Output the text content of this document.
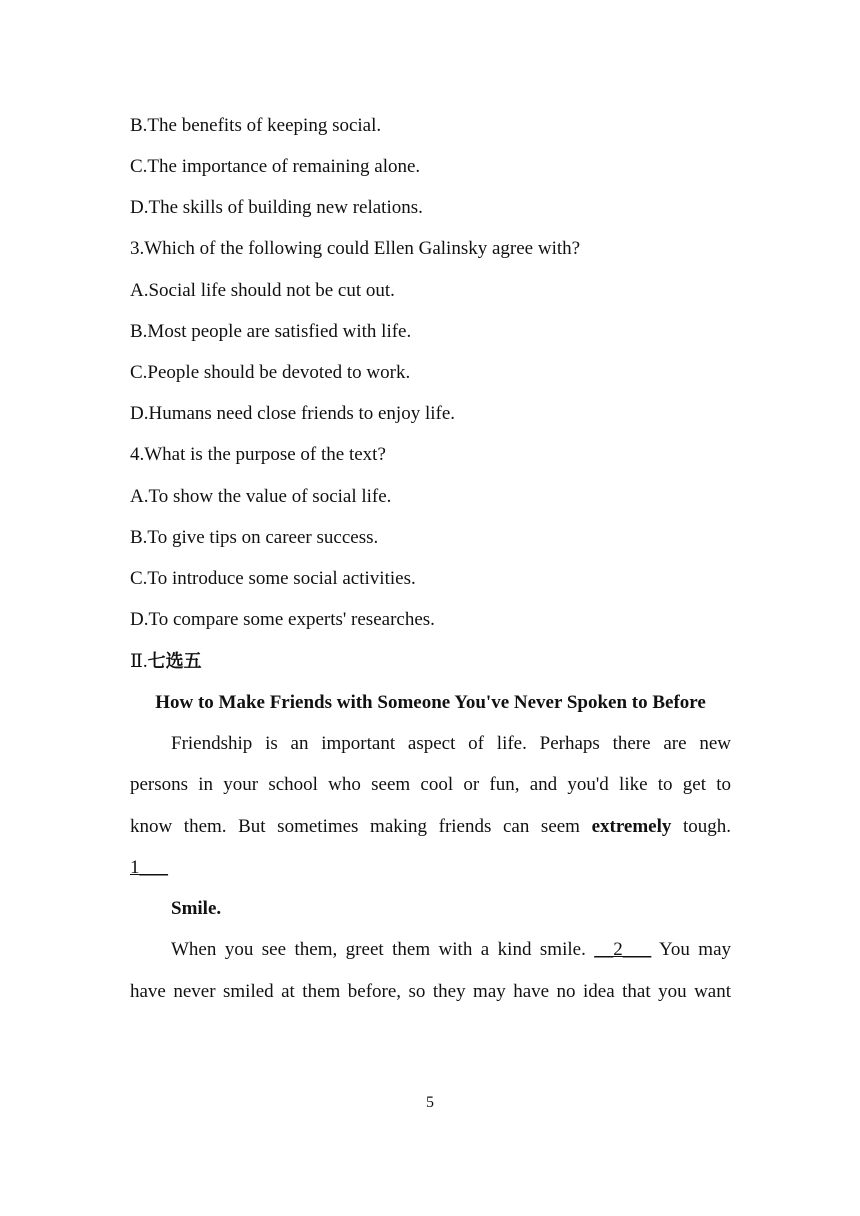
B.The benefits of keeping social.
C.The importance of remaining alone.
D.The skills of building new relations.
3.Which of the following could Ellen Galinsky agree with?
A.Social life should not be cut out.
B.Most people are satisfied with life.
C.People should be devoted to work.
D.Humans need close friends to enjoy life.
4.What is the purpose of the text?
A.To show the value of social life.
B.To give tips on career success.
C.To introduce some social activities.
D.To compare some experts' researches.
Ⅱ.七选五
How to Make Friends with Someone You've Never Spoken to Before
Friendship is an important aspect of life. Perhaps there are new
persons in your school who seem cool or fun, and you'd like to get to
know them. But sometimes making friends can seem extremely tough.
1___
Smile.
When you see them, greet them with a kind smile. __2___ You may
have never smiled at them before, so they may have no idea that you want
5
